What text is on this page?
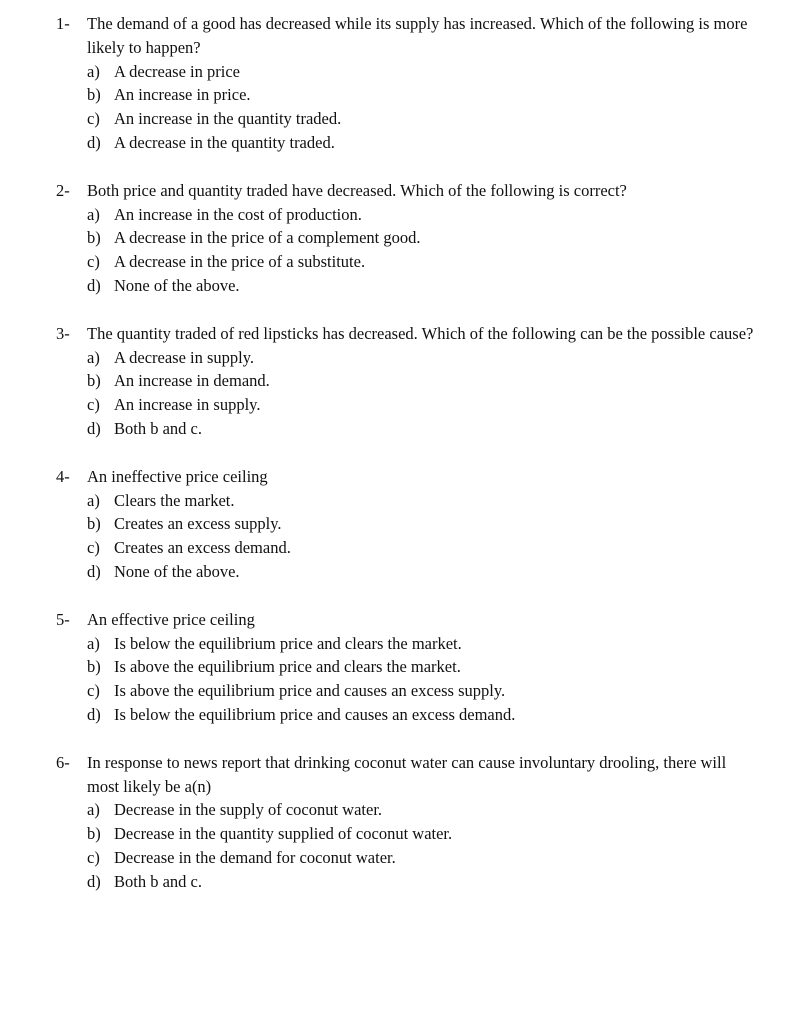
1-	The demand of a good has decreased while its supply has increased. Which of the following is more likely to happen?
a) A decrease in price
b) An increase in price.
c) An increase in the quantity traded.
d) A decrease in the quantity traded.
2-	Both price and quantity traded have decreased. Which of the following is correct?
a) An increase in the cost of production.
b) A decrease in the price of a complement good.
c) A decrease in the price of a substitute.
d) None of the above.
3-	The quantity traded of red lipsticks has decreased. Which of the following can be the possible cause?
a) A decrease in supply.
b) An increase in demand.
c) An increase in supply.
d) Both b and c.
4-	An ineffective price ceiling
a) Clears the market.
b) Creates an excess supply.
c) Creates an excess demand.
d) None of the above.
5-	An effective price ceiling
a) Is below the equilibrium price and clears the market.
b) Is above the equilibrium price and clears the market.
c) Is above the equilibrium price and causes an excess supply.
d) Is below the equilibrium price and causes an excess demand.
6-	In response to news report that drinking coconut water can cause involuntary drooling, there will most likely be a(n)
a) Decrease in the supply of coconut water.
b) Decrease in the quantity supplied of coconut water.
c) Decrease in the demand for coconut water.
d) Both b and c.
